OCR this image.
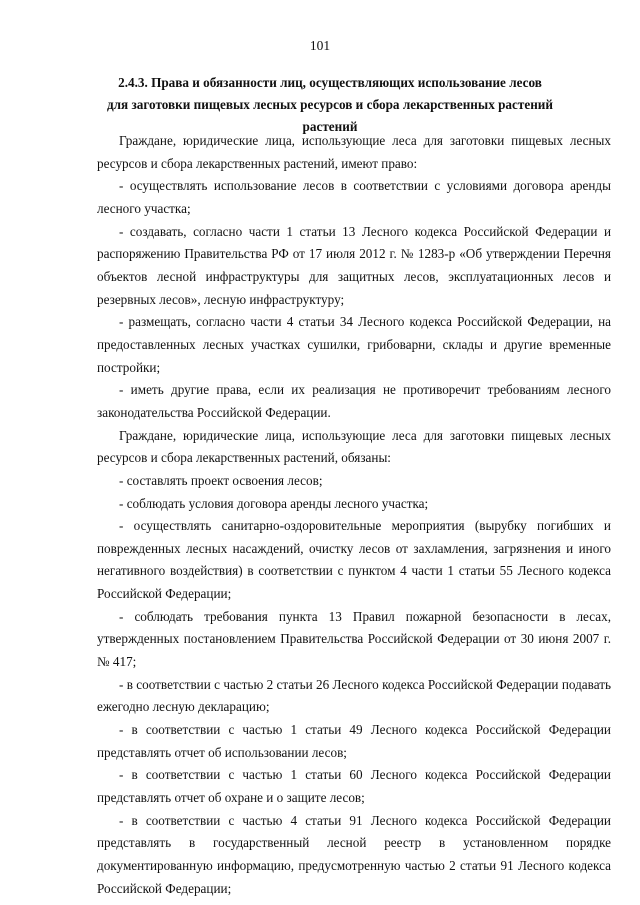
101
2.4.3. Права и обязанности лиц, осуществляющих использование лесов
для заготовки пищевых лесных ресурсов и сбора лекарственных растений
растений

Граждане, юридические лица, использующие леса для заготовки пищевых лесных ресурсов и сбора лекарственных растений, имеют право:

- осуществлять использование лесов в соответствии с условиями договора аренды лесного участка;

- создавать, согласно части 1 статьи 13 Лесного кодекса Российской Федерации и распоряжению Правительства РФ от 17 июля 2012 г. № 1283-р «Об утверждении Перечня объектов лесной инфраструктуры для защитных лесов, эксплуатационных лесов и резервных лесов», лесную инфраструктуру;

- размещать, согласно части 4 статьи 34 Лесного кодекса Российской Федерации, на предоставленных лесных участках сушилки, грибоварни, склады и другие временные постройки;

- иметь другие права, если их реализация не противоречит требованиям лесного законодательства Российской Федерации.

Граждане, юридические лица, использующие леса для заготовки пищевых лесных ресурсов и сбора лекарственных растений, обязаны:

- составлять проект освоения лесов;

- соблюдать условия договора аренды лесного участка;

- осуществлять санитарно-оздоровительные мероприятия (вырубку погибших и поврежденных лесных насаждений, очистку лесов от захламления, загрязнения и иного негативного воздействия) в соответствии с пунктом 4 части 1 статьи 55 Лесного кодекса Российской Федерации;

- соблюдать требования пункта 13 Правил пожарной безопасности в лесах, утвержденных постановлением Правительства Российской Федерации от 30 июня 2007 г. № 417;

- в соответствии с частью 2 статьи 26 Лесного кодекса Российской Федерации подавать ежегодно лесную декларацию;

- в соответствии с частью 1 статьи 49 Лесного кодекса Российской Федерации представлять отчет об использовании лесов;

- в соответствии с частью 1 статьи 60 Лесного кодекса Российской Федерации представлять отчет об охране и о защите лесов;

- в соответствии с частью 4 статьи 91 Лесного кодекса Российской Федерации представлять в государственный лесной реестр в установленном порядке документированную информацию, предусмотренную частью 2 статьи 91 Лесного кодекса Российской Федерации;
